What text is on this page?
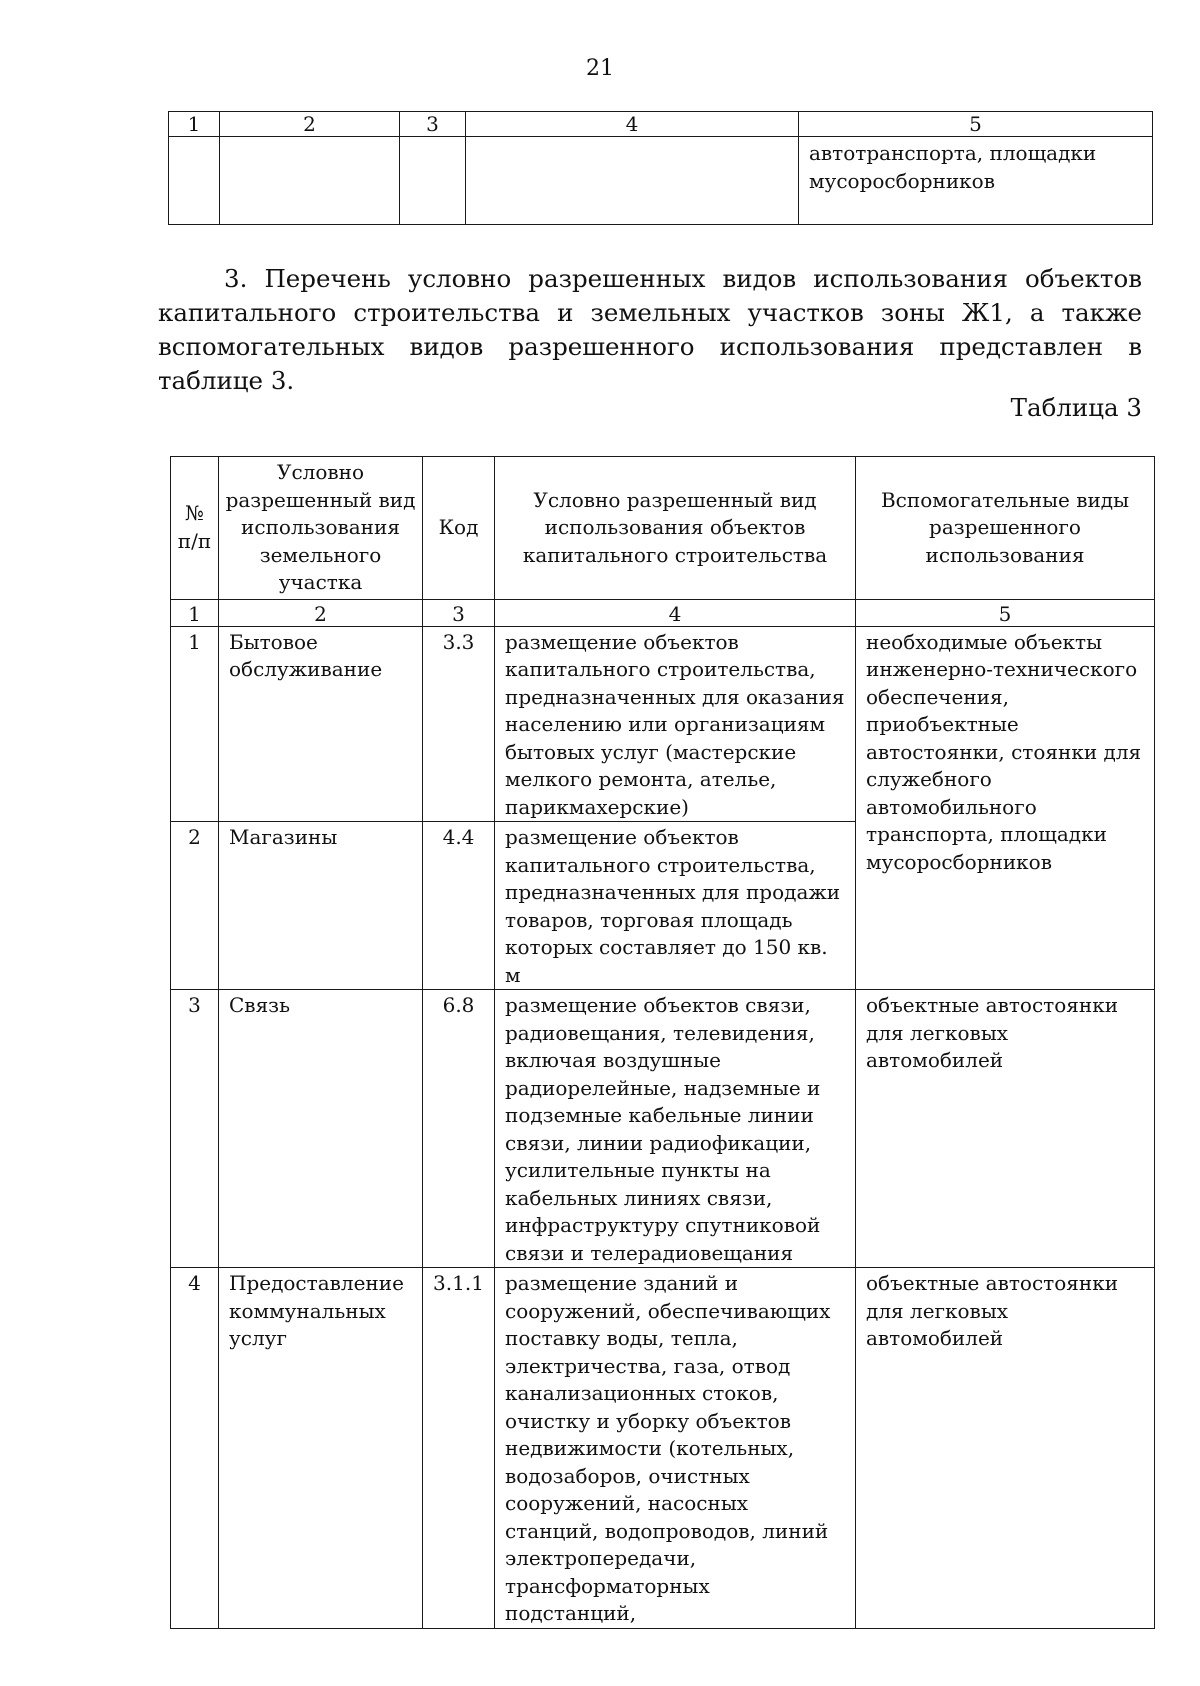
21
1	2	3	4	5
				автотранспорта, площадки мусоросборников

3. Перечень условно разрешенных видов использования объектов капитального строительства и земельных участков зоны Ж1, а также вспомогательных видов разрешенного использования представлен в таблице 3.

Таблица 3
№ п/п	Условно разрешенный вид использования земельного участка	Код	Условно разрешенный вид использования объектов капитального строительства	Вспомогательные виды разрешенного использования
1	2	3	4	5
1	Бытовое обслуживание	3.3	размещение объектов капитального строительства, предназначенных для оказания населению или организациям бытовых услуг (мастерские мелкого ремонта, ателье, парикмахерские)	необходимые объекты инженерно-технического обеспечения, приобъектные автостоянки, стоянки для служебного автомобильного транспорта, площадки мусоросборников
2	Магазины	4.4	размещение объектов капитального строительства, предназначенных для продажи товаров, торговая площадь которых составляет до 150 кв. м	
3	Связь	6.8	размещение объектов связи, радиовещания, телевидения, включая воздушные радиорелейные, надземные и подземные кабельные линии связи, линии радиофикации, усилительные пункты на кабельных линиях связи, инфраструктуру спутниковой связи и телерадиовещания	объектные автостоянки для легковых автомобилей
4	Предоставление коммунальных услуг	3.1.1	размещение зданий и сооружений, обеспечивающих поставку воды, тепла, электричества, газа, отвод канализационных стоков, очистку и уборку объектов недвижимости (котельных, водозаборов, очистных сооружений, насосных станций, водопроводов, линий электропередачи, трансформаторных подстанций,	объектные автостоянки для легковых автомобилей
